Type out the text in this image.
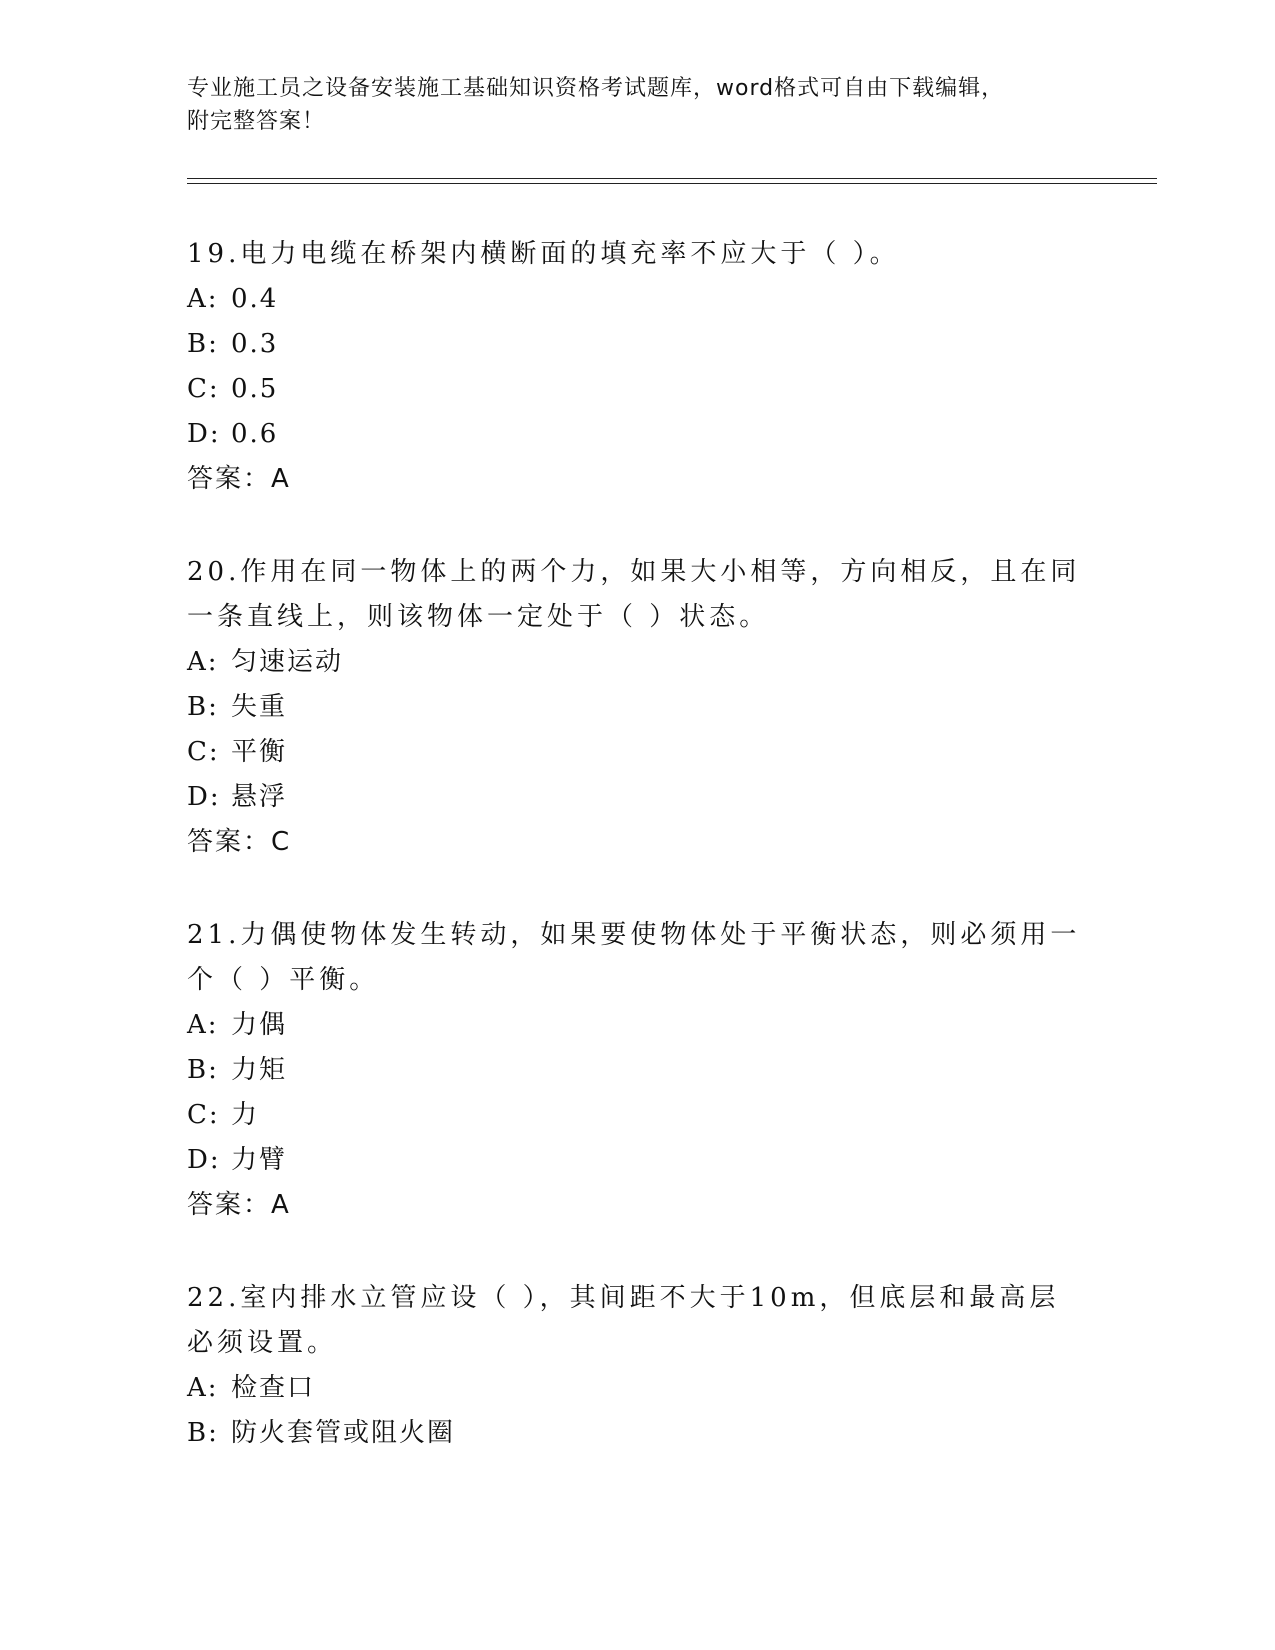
专业施工员之设备安装施工基础知识资格考试题库，word格式可自由下载编辑，
附完整答案！
19.电力电缆在桥架内横断面的填充率不应大于（ ）。
A: 0.4
B: 0.3
C: 0.5
D: 0.6
答案：A
20.作用在同一物体上的两个力，如果大小相等，方向相反，且在同一条直线上，则该物体一定处于（ ）状态。
A: 匀速运动
B: 失重
C: 平衡
D: 悬浮
答案：C
21.力偶使物体发生转动，如果要使物体处于平衡状态，则必须用一个（ ）平衡。
A: 力偶
B: 力矩
C: 力
D: 力臂
答案：A
22.室内排水立管应设（ ），其间距不大于10m，但底层和最高层必须设置。
A: 检查口
B: 防火套管或阻火圈
